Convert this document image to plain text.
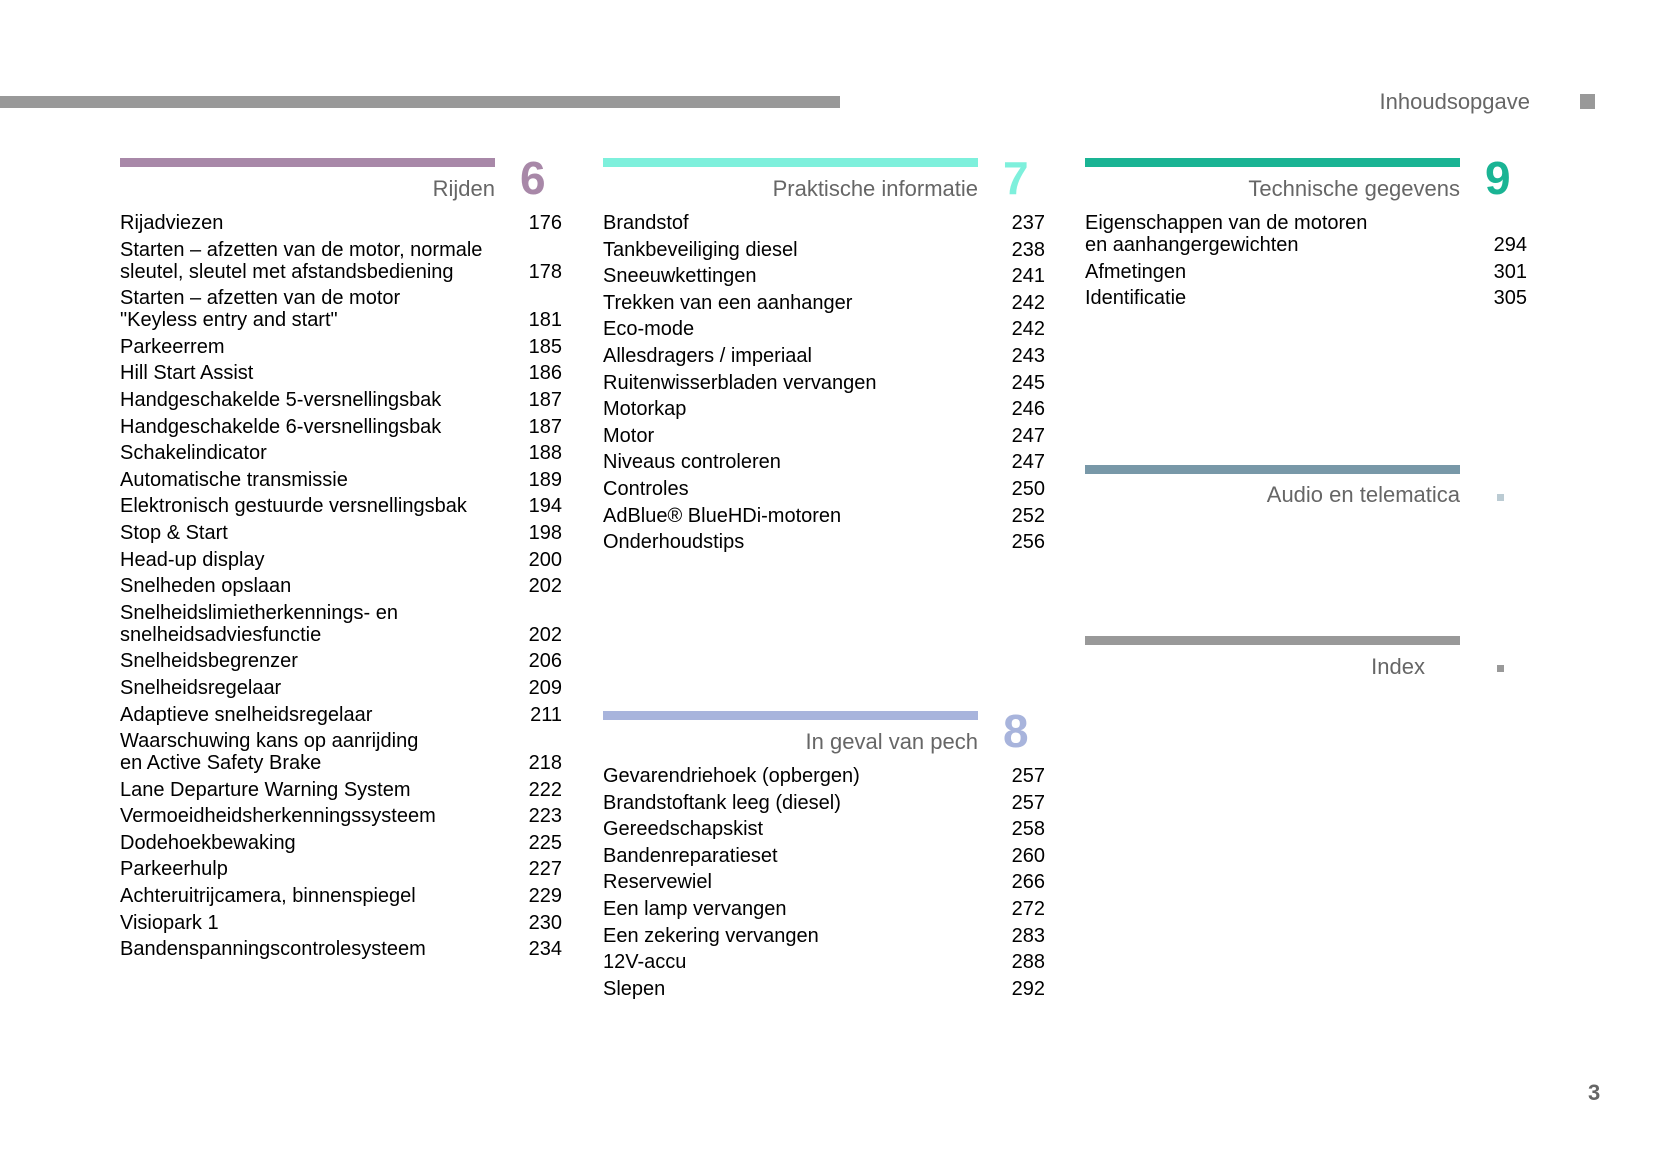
Inhoudsopgave
Rijden 6
Rijadviezen	176
Starten – afzetten van de motor, normale
sleutel, sleutel met afstandsbediening	178
Starten – afzetten van de motor
"Keyless entry and start"	181
Parkeerrem	185
Hill Start Assist	186
Handgeschakelde 5-versnellingsbak	187
Handgeschakelde 6-versnellingsbak	187
Schakelindicator	188
Automatische transmissie	189
Elektronisch gestuurde versnellingsbak	194
Stop & Start	198
Head-up display	200
Snelheden opslaan	202
Snelheidslimietherkennings- en
snelheidsadviesfunctie	202
Snelheidsbegrenzer	206
Snelheidsregelaar	209
Adaptieve snelheidsregelaar	211
Waarschuwing kans op aanrijding
en Active Safety Brake	218
Lane Departure Warning System	222
Vermoeidheidsherkenningssysteem	223
Dodehoekbewaking	225
Parkeerhulp	227
Achteruitrijcamera, binnenspiegel	229
Visiopark 1	230
Bandenspanningscontrolesysteem	234
Praktische informatie 7
Brandstof	237
Tankbeveiliging diesel	238
Sneeuwkettingen	241
Trekken van een aanhanger	242
Eco-mode	242
Allesdragers / imperiaal	243
Ruitenwisserbladen vervangen	245
Motorkap	246
Motor	247
Niveaus controleren	247
Controles	250
AdBlue® BlueHDi-motoren	252
Onderhoudstips	256
In geval van pech 8
Gevarendriehoek (opbergen)	257
Brandstoftank leeg (diesel)	257
Gereedschapskist	258
Bandenreparatieset	260
Reservewiel	266
Een lamp vervangen	272
Een zekering vervangen	283
12V-accu	288
Slepen	292
Technische gegevens 9
Eigenschappen van de motoren
en aanhangergewichten	294
Afmetingen	301
Identificatie	305
Audio en telematica
Index
3
